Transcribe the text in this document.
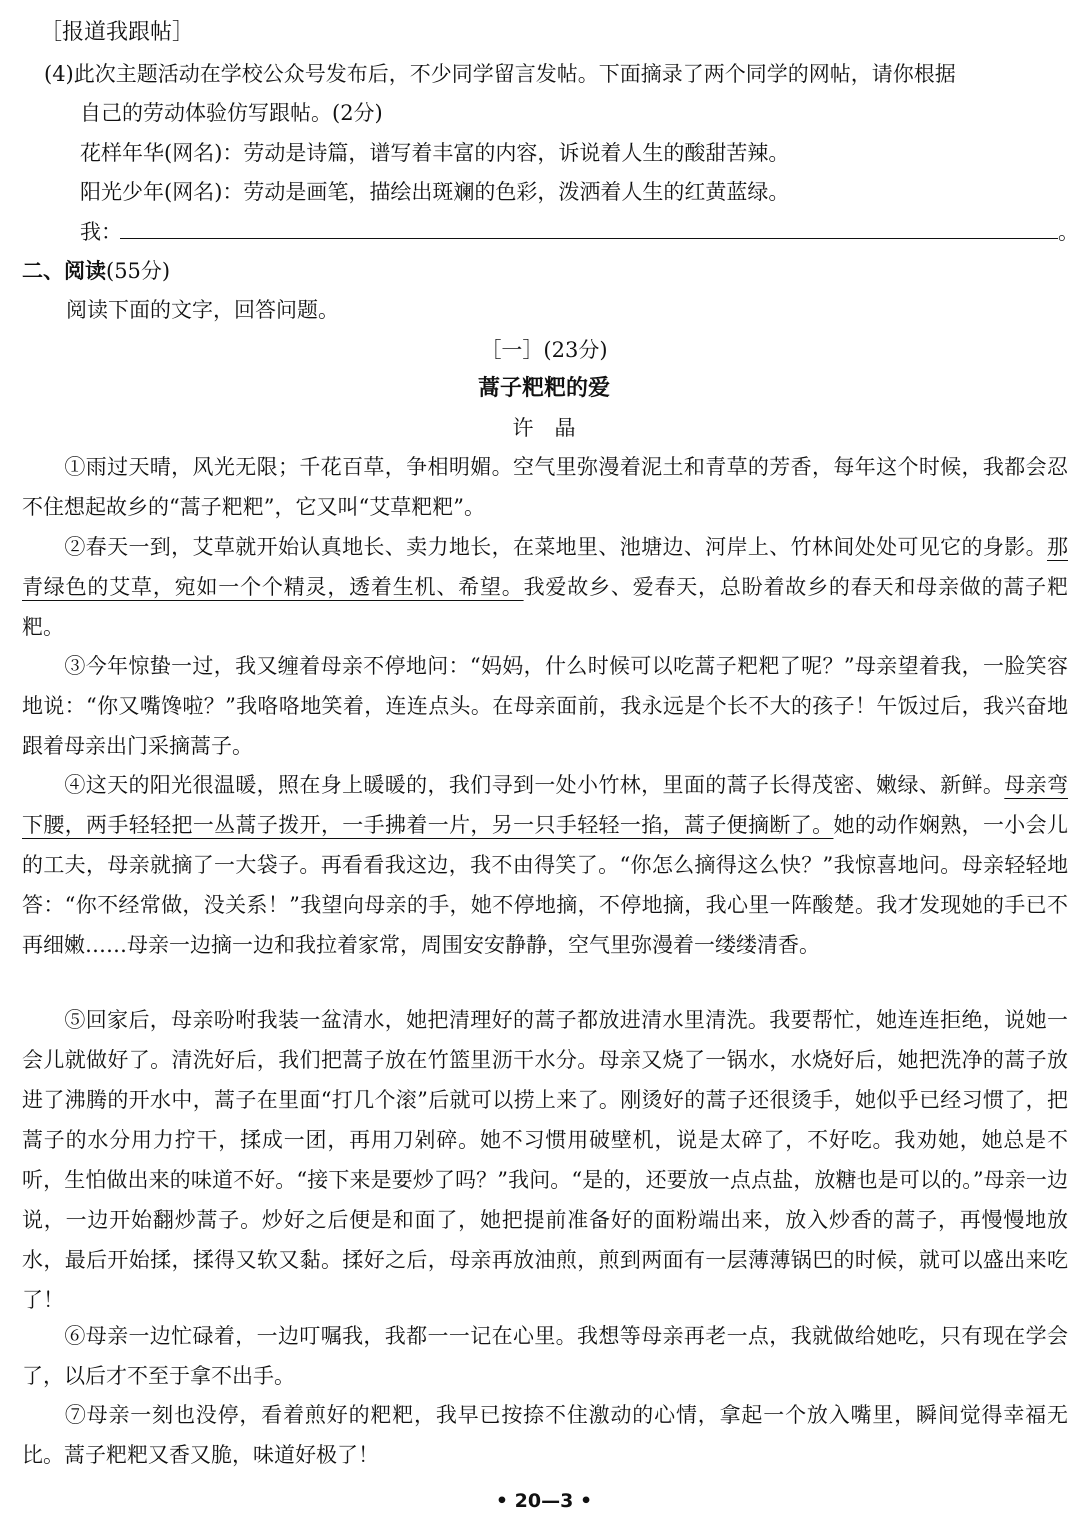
［报道我跟帖］
(4)此次主题活动在学校公众号发布后，不少同学留言发帖。下面摘录了两个同学的网帖，请你根据
自己的劳动体验仿写跟帖。(2分)
花样年华(网名)：劳动是诗篇，谱写着丰富的内容，诉说着人生的酸甜苦辣。
阳光少年(网名)：劳动是画笔，描绘出斑斓的色彩，泼洒着人生的红黄蓝绿。
我：	。
二、阅读(55分)
阅读下面的文字，回答问题。
［一］(23分)
蒿子粑粑的爱
许　晶
①雨过天晴，风光无限；千花百草，争相明媚。空气里弥漫着泥土和青草的芳香，每年这个时候，我都会忍不住想起故乡的“蒿子粑粑”，它又叫“艾草粑粑”。
②春天一到，艾草就开始认真地长、卖力地长，在菜地里、池塘边、河岸上、竹林间处处可见它的身影。那青绿色的艾草，宛如一个个精灵，透着生机、希望。我爱故乡、爱春天，总盼着故乡的春天和母亲做的蒿子粑粑。
③今年惊蛰一过，我又缠着母亲不停地问：“妈妈，什么时候可以吃蒿子粑粑了呢？”母亲望着我，一脸笑容地说：“你又嘴馋啦？”我咯咯地笑着，连连点头。在母亲面前，我永远是个长不大的孩子！午饭过后，我兴奋地跟着母亲出门采摘蒿子。
④这天的阳光很温暖，照在身上暖暖的，我们寻到一处小竹林，里面的蒿子长得茂密、嫩绿、新鲜。母亲弯下腰，两手轻轻把一丛蒿子拨开，一手拂着一片，另一只手轻轻一掐，蒿子便摘断了。她的动作娴熟，一小会儿的工夫，母亲就摘了一大袋子。再看看我这边，我不由得笑了。“你怎么摘得这么快？”我惊喜地问。母亲轻轻地答：“你不经常做，没关系！”我望向母亲的手，她不停地摘，不停地摘，我心里一阵酸楚。我才发现她的手已不再细嫩……母亲一边摘一边和我拉着家常，周围安安静静，空气里弥漫着一缕缕清香。
⑤回家后，母亲吩咐我装一盆清水，她把清理好的蒿子都放进清水里清洗。我要帮忙，她连连拒绝，说她一会儿就做好了。清洗好后，我们把蒿子放在竹篮里沥干水分。母亲又烧了一锅水，水烧好后，她把洗净的蒿子放进了沸腾的开水中，蒿子在里面“打几个滚”后就可以捞上来了。刚烫好的蒿子还很烫手，她似乎已经习惯了，把蒿子的水分用力拧干，揉成一团，再用刀剁碎。她不习惯用破壁机，说是太碎了，不好吃。我劝她，她总是不听，生怕做出来的味道不好。“接下来是要炒了吗？”我问。“是的，还要放一点点盐，放糖也是可以的。”母亲一边说，一边开始翻炒蒿子。炒好之后便是和面了，她把提前准备好的面粉端出来，放入炒香的蒿子，再慢慢地放水，最后开始揉，揉得又软又黏。揉好之后，母亲再放油煎，煎到两面有一层薄薄锅巴的时候，就可以盛出来吃了！
⑥母亲一边忙碌着，一边叮嘱我，我都一一记在心里。我想等母亲再老一点，我就做给她吃，只有现在学会了，以后才不至于拿不出手。
⑦母亲一刻也没停，看着煎好的粑粑，我早已按捺不住激动的心情，拿起一个放入嘴里，瞬间觉得幸福无比。蒿子粑粑又香又脆，味道好极了！
• 20—3 •
